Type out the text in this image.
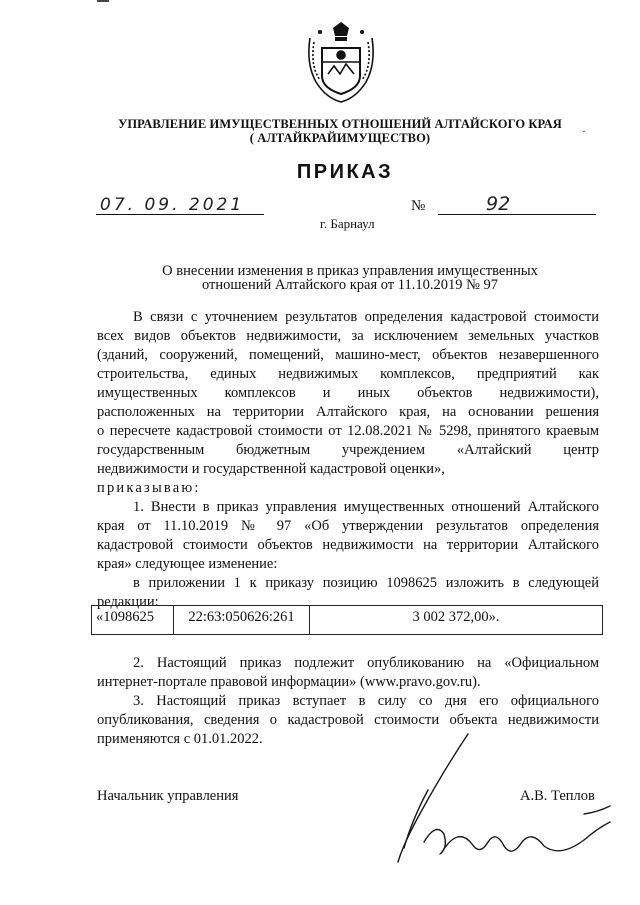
УПРАВЛЕНИЕ ИМУЩЕСТВЕННЫХ ОТНОШЕНИЙ АЛТАЙСКОГО КРАЯ
( АЛТАЙКРАЙИМУЩЕСТВО)	·
ПРИКАЗ
07. 09. 2021	№	92
г. Барнаул
О внесении изменения в приказ управления имущественных
отношений Алтайского края от 11.10.2019 № 97
В связи с уточнением результатов определения кадастровой стоимости
всех видов объектов недвижимости, за исключением земельных участков
(зданий, сооружений, помещений, машино-мест, объектов незавершенного
строительства, единых недвижимых комплексов, предприятий как
имущественных комплексов и иных объектов недвижимости),
расположенных на территории Алтайского края, на основании решения
о пересчете кадастровой стоимости от 12.08.2021 № 5298, принятого краевым
государственным бюджетным учреждением «Алтайский центр
недвижимости и государственной кадастровой оценки»,
приказываю:
1. Внести в приказ управления имущественных отношений Алтайского
края от 11.10.2019 № 97 «Об утверждении результатов определения
кадастровой стоимости объектов недвижимости на территории Алтайского
края» следующее изменение:
в приложении 1 к приказу позицию 1098625 изложить в следующей
редакции:
«1098625	22:63:050626:261	3 002 372,00».
2. Настоящий приказ подлежит опубликованию на «Официальном
интернет-портале правовой информации» (www.pravo.gov.ru).
3. Настоящий приказ вступает в силу со дня его официального
опубликования, сведения о кадастровой стоимости объекта недвижимости
применяются с 01.01.2022.
Начальник управления	А.В. Теплов
